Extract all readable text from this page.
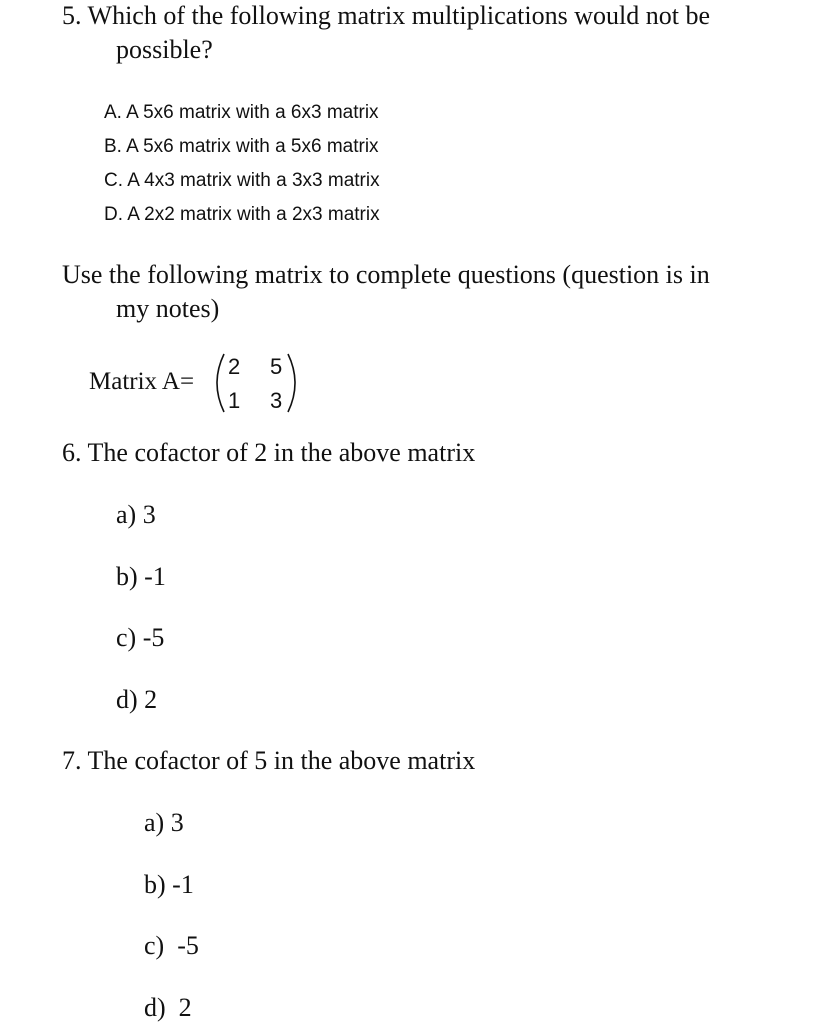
5. Which of the following matrix multiplications would not be
possible?
A. A 5x6 matrix with a 6x3 matrix
B. A 5x6 matrix with a 5x6 matrix
C. A 4x3 matrix with a 3x3 matrix
D. A 2x2 matrix with a 2x3 matrix
Use the following matrix to complete questions (question is in
my notes)
Matrix A=
2 5
1 3
6. The cofactor of 2 in the above matrix
a) 3
b) -1
c) -5
d) 2
7. The cofactor of 5 in the above matrix
a) 3
b) -1
c)  -5
d)  2
